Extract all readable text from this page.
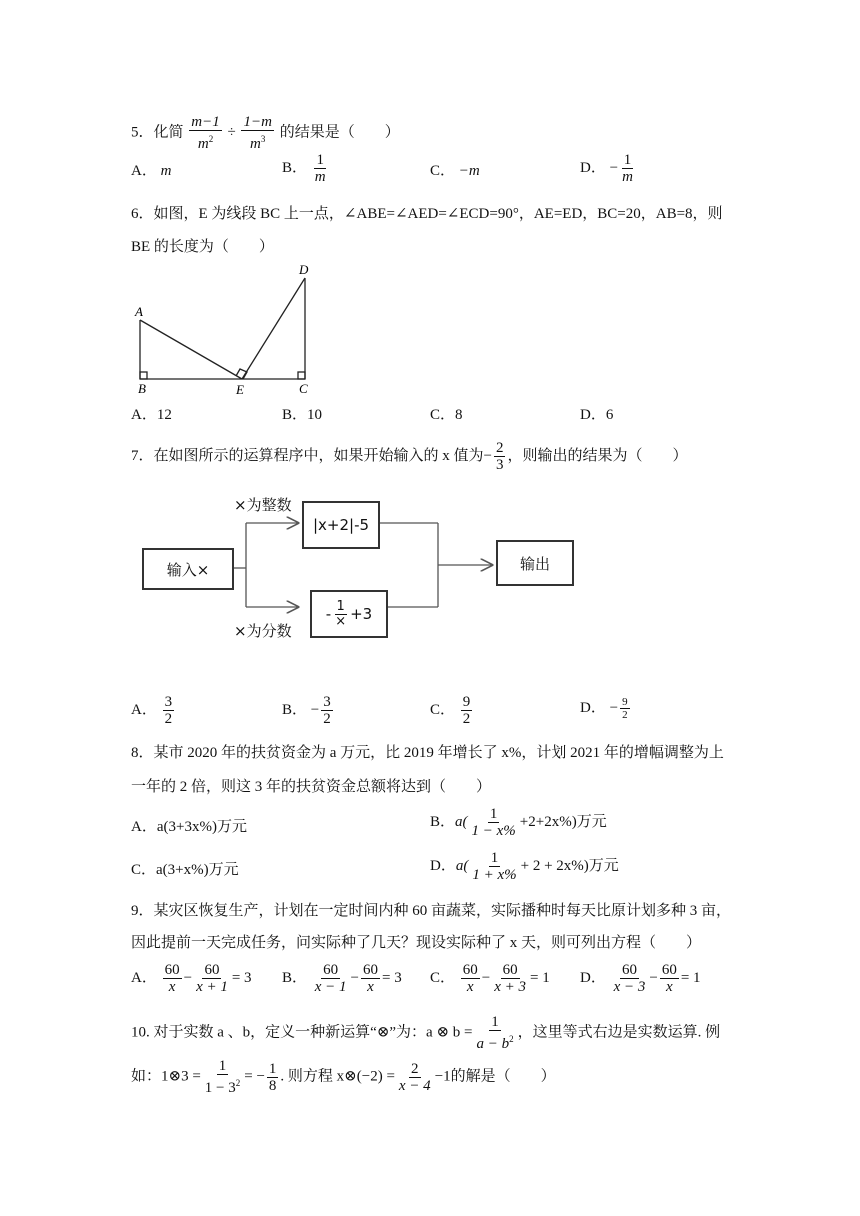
5．化简 $\frac{m-1}{m^2} \div \frac{1-m}{m^3}$ 的结果是（　　）
A． m	B． $\frac{1}{m}$	C． −m	D． − $\frac{1}{m}$
6．如图，E 为线段 BC 上一点，∠ABE=∠AED=∠ECD=90°，AE=ED，BC=20，AB=8，则
BE 的长度为（　　）
A
B	C
D
E
A．12	B．10	C．8	D．6
7．在如图所示的运算程序中，如果开始输入的 x 值为− $\frac{2}{3}$ ，则输出的结果为（　　）
输入×
×为整数
×为分数
|x+2|-5
- $\frac{1}{\times} +3$
输出
A． $\frac{3}{2}$	B． − $\frac{3}{2}$	C． $\frac{9}{2}$	D． − $\frac{9}{2}$
8．某市 2020 年的扶贫资金为 a 万元，比 2019 年增长了 x%，计划 2021 年的增幅调整为上
一年的 2 倍，则这 3 年的扶贫资金总额将达到（　　）
A．a(3+3x%)万元	B．$a( \frac{1}{1 - x\%} +2+2x\%)$万元
C．a(3+x%)万元	D．$a( \frac{1}{1 + x\%} + 2 + 2x\%)$万元
9．某灾区恢复生产，计划在一定时间内种 60 亩蔬菜，实际播种时每天比原计划多种 3 亩，
因此提前一天完成任务，问实际种了几天？现设实际种了 x 天，则可列出方程（　　）
A． $\frac{60}{x} - \frac{60}{x + 1} = 3$ B． $\frac{60}{x - 1} - \frac{60}{x} = 3$ C． $\frac{60}{x} - \frac{60}{x + 3} = 1$ D． $\frac{60}{x - 3} - \frac{60}{x} = 1$
10. 对于实数 a 、b，定义一种新运算“⊗”为：a ⊗ $b = \frac{1}{a - b^2}$ ，这里等式右边是实数运算. 例
如：1⊗3 = $\frac{1}{1 - 3^2}$ = − $\frac{1}{8}$ . 则方程 x⊗(−2) = $\frac{2}{x - 4} -1$的解是（　　）
